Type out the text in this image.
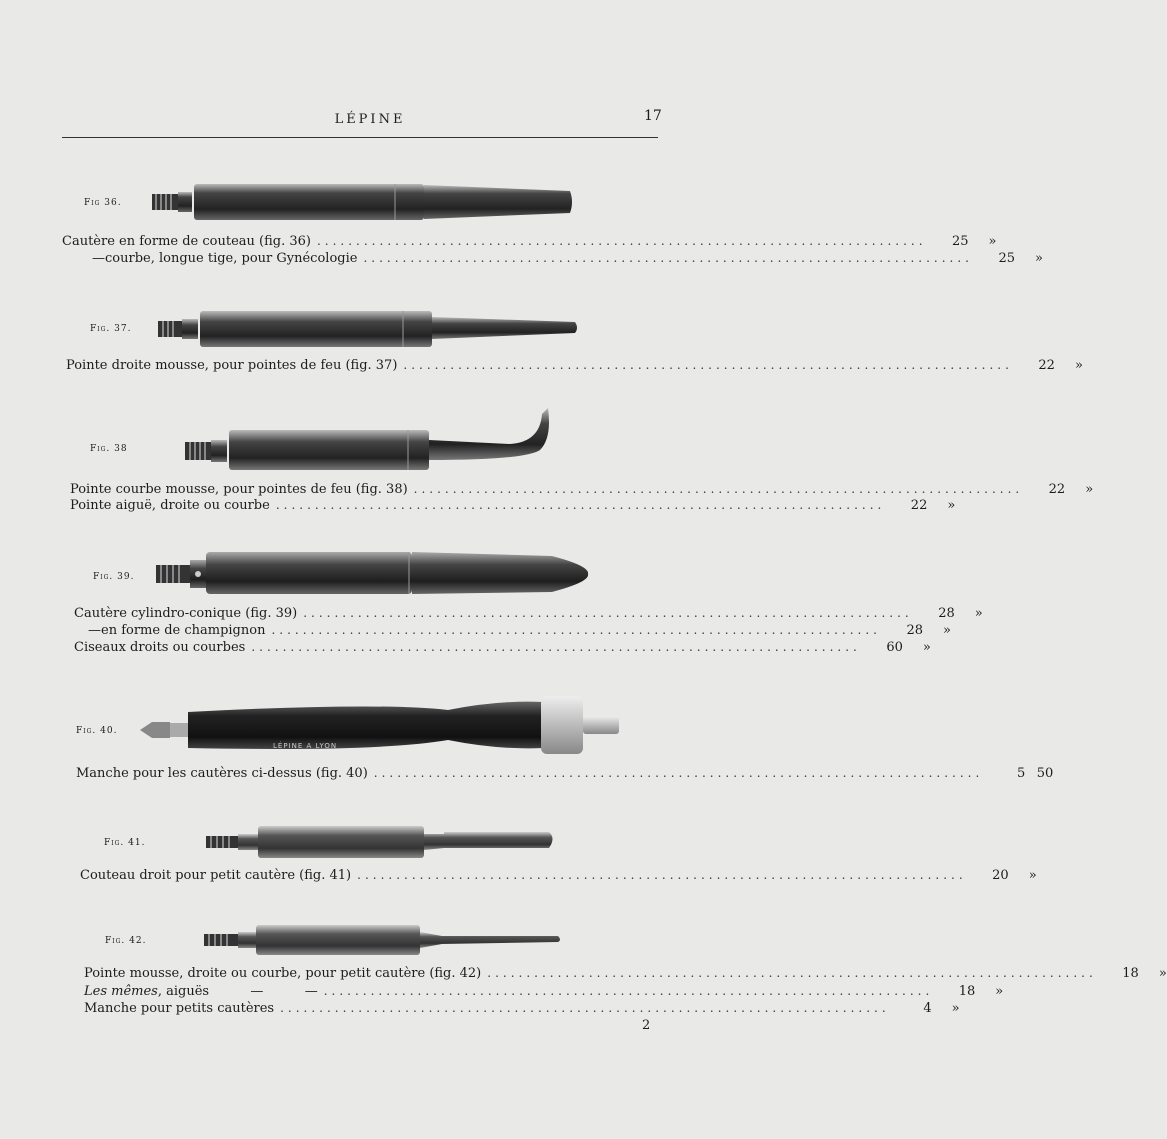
LÉPINE	17
Fig 36.
Cautère en forme de couteau (fig. 36) ..............................................................................	25	»
— courbe, longue tige, pour Gynécologie ..............................................................................	25	»
Fig. 37.
Pointe droite mousse, pour pointes de feu (fig. 37) ..............................................................................	22	»
Fig. 38
Pointe courbe mousse, pour pointes de feu (fig. 38) ..............................................................................	22	»
Pointe aiguë, droite ou courbe ..............................................................................	22	»
Fig. 39.
Cautère cylindro-conique (fig. 39) ..............................................................................	28	»
— en forme de champignon ..............................................................................	28	»
Ciseaux droits ou courbes ..............................................................................	60	»
Fig. 40.
LÉPINE A LYON
Manche pour les cautères ci-dessus (fig. 40) ..............................................................................	5 50
Fig. 41.
Couteau droit pour petit cautère (fig. 41) ..............................................................................	20	»
Fig. 42.
Pointe mousse, droite ou courbe, pour petit cautère (fig. 42) ..............................................................................	18	»
Les mêmes, aiguës          —          — ..............................................................................	18	»
Manche pour petits cautères ..............................................................................	4	»
2
